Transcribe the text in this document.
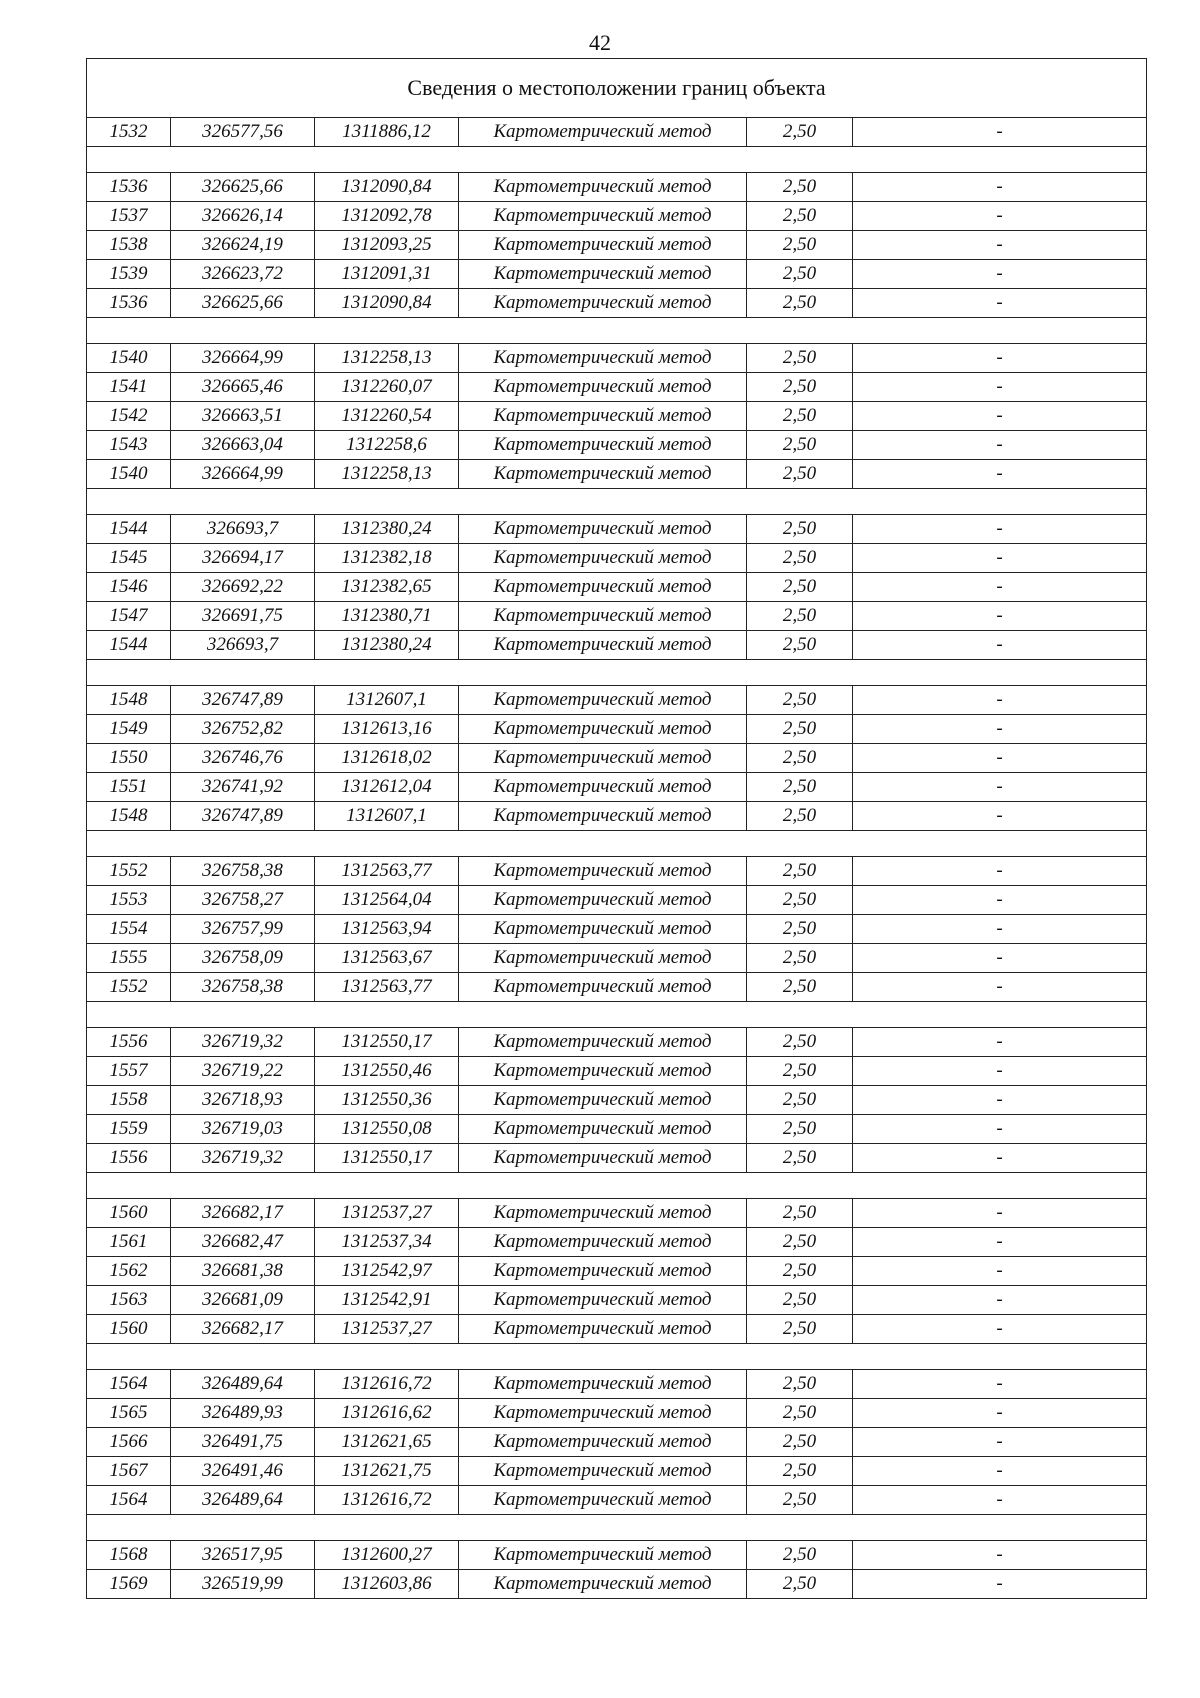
42
Сведения о местоположении границ объекта					
1532	326577,56	1311886,12	Картометрический метод	2,50	-

1536	326625,66	1312090,84	Картометрический метод	2,50	-
1537	326626,14	1312092,78	Картометрический метод	2,50	-
1538	326624,19	1312093,25	Картометрический метод	2,50	-
1539	326623,72	1312091,31	Картометрический метод	2,50	-
1536	326625,66	1312090,84	Картометрический метод	2,50	-

1540	326664,99	1312258,13	Картометрический метод	2,50	-
1541	326665,46	1312260,07	Картометрический метод	2,50	-
1542	326663,51	1312260,54	Картометрический метод	2,50	-
1543	326663,04	1312258,6	Картометрический метод	2,50	-
1540	326664,99	1312258,13	Картометрический метод	2,50	-

1544	326693,7	1312380,24	Картометрический метод	2,50	-
1545	326694,17	1312382,18	Картометрический метод	2,50	-
1546	326692,22	1312382,65	Картометрический метод	2,50	-
1547	326691,75	1312380,71	Картометрический метод	2,50	-
1544	326693,7	1312380,24	Картометрический метод	2,50	-

1548	326747,89	1312607,1	Картометрический метод	2,50	-
1549	326752,82	1312613,16	Картометрический метод	2,50	-
1550	326746,76	1312618,02	Картометрический метод	2,50	-
1551	326741,92	1312612,04	Картометрический метод	2,50	-
1548	326747,89	1312607,1	Картометрический метод	2,50	-

1552	326758,38	1312563,77	Картометрический метод	2,50	-
1553	326758,27	1312564,04	Картометрический метод	2,50	-
1554	326757,99	1312563,94	Картометрический метод	2,50	-
1555	326758,09	1312563,67	Картометрический метод	2,50	-
1552	326758,38	1312563,77	Картометрический метод	2,50	-

1556	326719,32	1312550,17	Картометрический метод	2,50	-
1557	326719,22	1312550,46	Картометрический метод	2,50	-
1558	326718,93	1312550,36	Картометрический метод	2,50	-
1559	326719,03	1312550,08	Картометрический метод	2,50	-
1556	326719,32	1312550,17	Картометрический метод	2,50	-

1560	326682,17	1312537,27	Картометрический метод	2,50	-
1561	326682,47	1312537,34	Картометрический метод	2,50	-
1562	326681,38	1312542,97	Картометрический метод	2,50	-
1563	326681,09	1312542,91	Картометрический метод	2,50	-
1560	326682,17	1312537,27	Картометрический метод	2,50	-

1564	326489,64	1312616,72	Картометрический метод	2,50	-
1565	326489,93	1312616,62	Картометрический метод	2,50	-
1566	326491,75	1312621,65	Картометрический метод	2,50	-
1567	326491,46	1312621,75	Картометрический метод	2,50	-
1564	326489,64	1312616,72	Картометрический метод	2,50	-

1568	326517,95	1312600,27	Картометрический метод	2,50	-
1569	326519,99	1312603,86	Картометрический метод	2,50	-
